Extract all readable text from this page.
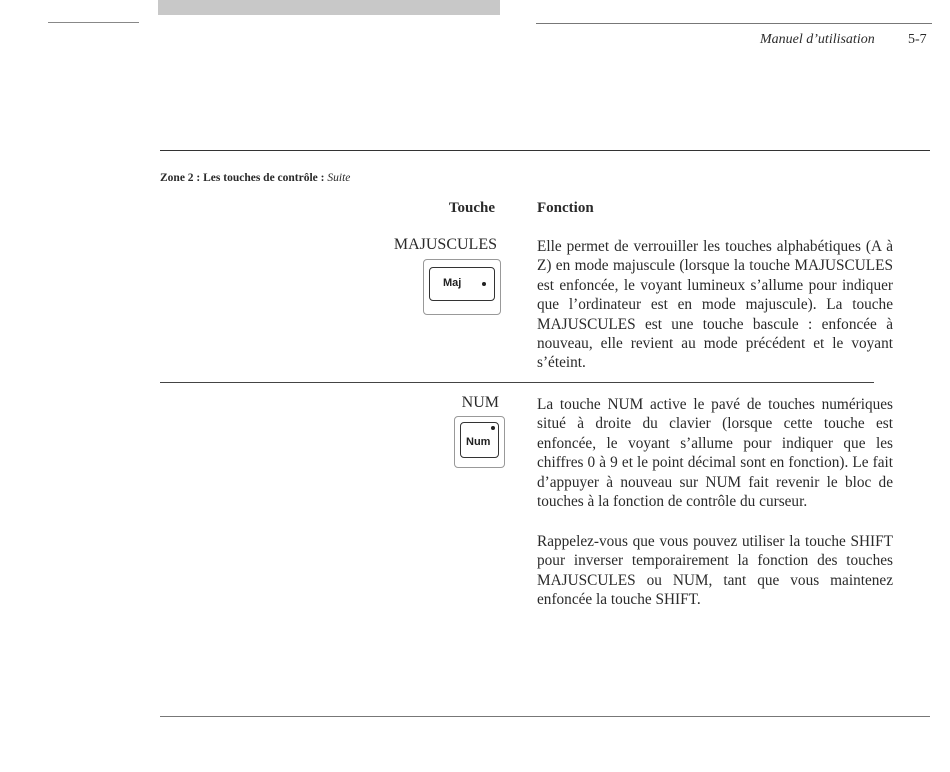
Manuel d’utilisation 5-7
Zone 2 : Les touches de contrôle : Suite
Touche	Fonction
MAJUSCULES
Maj
Elle permet de verrouiller les touches alphabétiques (A à Z) en mode majuscule (lorsque la touche MAJUSCULES est enfoncée, le voyant lumineux s’allume pour indiquer que l’ordinateur est en mode majuscule). La touche MAJUSCULES est une touche bascule : enfoncée à nouveau, elle revient au mode précédent et le voyant s’éteint.
NUM
Num
La touche NUM active le pavé de touches numériques situé à droite du clavier (lorsque cette touche est enfoncée, le voyant s’allume pour indiquer que les chiffres 0 à 9 et le point décimal sont en fonction). Le fait d’appuyer à nouveau sur NUM fait revenir le bloc de touches à la fonction de contrôle du curseur.
Rappelez-vous que vous pouvez utiliser la touche SHIFT pour inverser temporairement la fonction des touches MAJUSCULES ou NUM, tant que vous maintenez enfoncée la touche SHIFT.
